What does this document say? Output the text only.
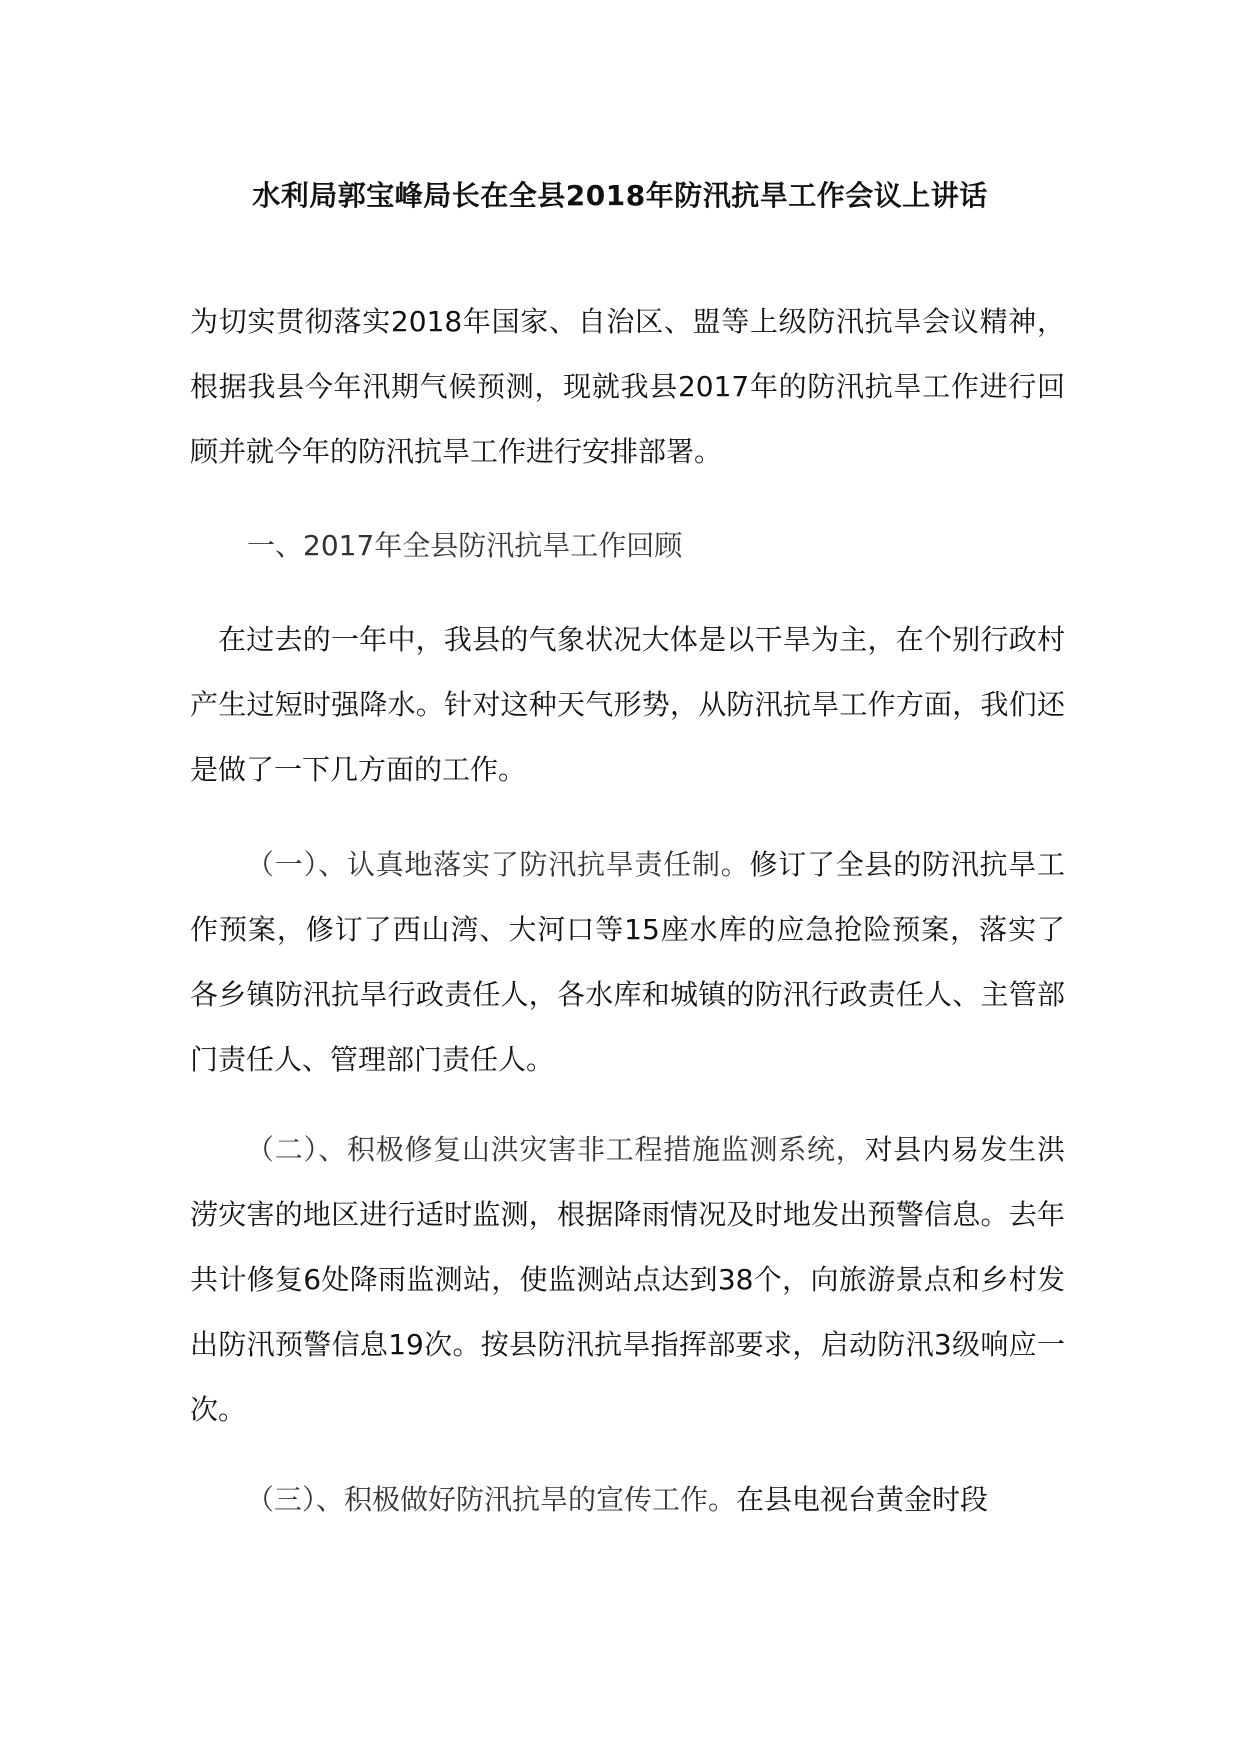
水利局郭宝峰局长在全县2018年防汛抗旱工作会议上讲话
为切实贯彻落实2018年国家、自治区、盟等上级防汛抗旱会议精神，根据我县今年汛期气候预测，现就我县2017年的防汛抗旱工作进行回顾并就今年的防汛抗旱工作进行安排部署。
一、2017年全县防汛抗旱工作回顾
在过去的一年中，我县的气象状况大体是以干旱为主，在个别行政村产生过短时强降水。针对这种天气形势，从防汛抗旱工作方面，我们还是做了一下几方面的工作。
（一）、认真地落实了防汛抗旱责任制。修订了全县的防汛抗旱工作预案，修订了西山湾、大河口等15座水库的应急抢险预案，落实了各乡镇防汛抗旱行政责任人，各水库和城镇的防汛行政责任人、主管部门责任人、管理部门责任人。
（二）、积极修复山洪灾害非工程措施监测系统，对县内易发生洪涝灾害的地区进行适时监测，根据降雨情况及时地发出预警信息。去年共计修复6处降雨监测站，使监测站点达到38个，向旅游景点和乡村发出防汛预警信息19次。按县防汛抗旱指挥部要求，启动防汛3级响应一次。
（三）、积极做好防汛抗旱的宣传工作。在县电视台黄金时段
